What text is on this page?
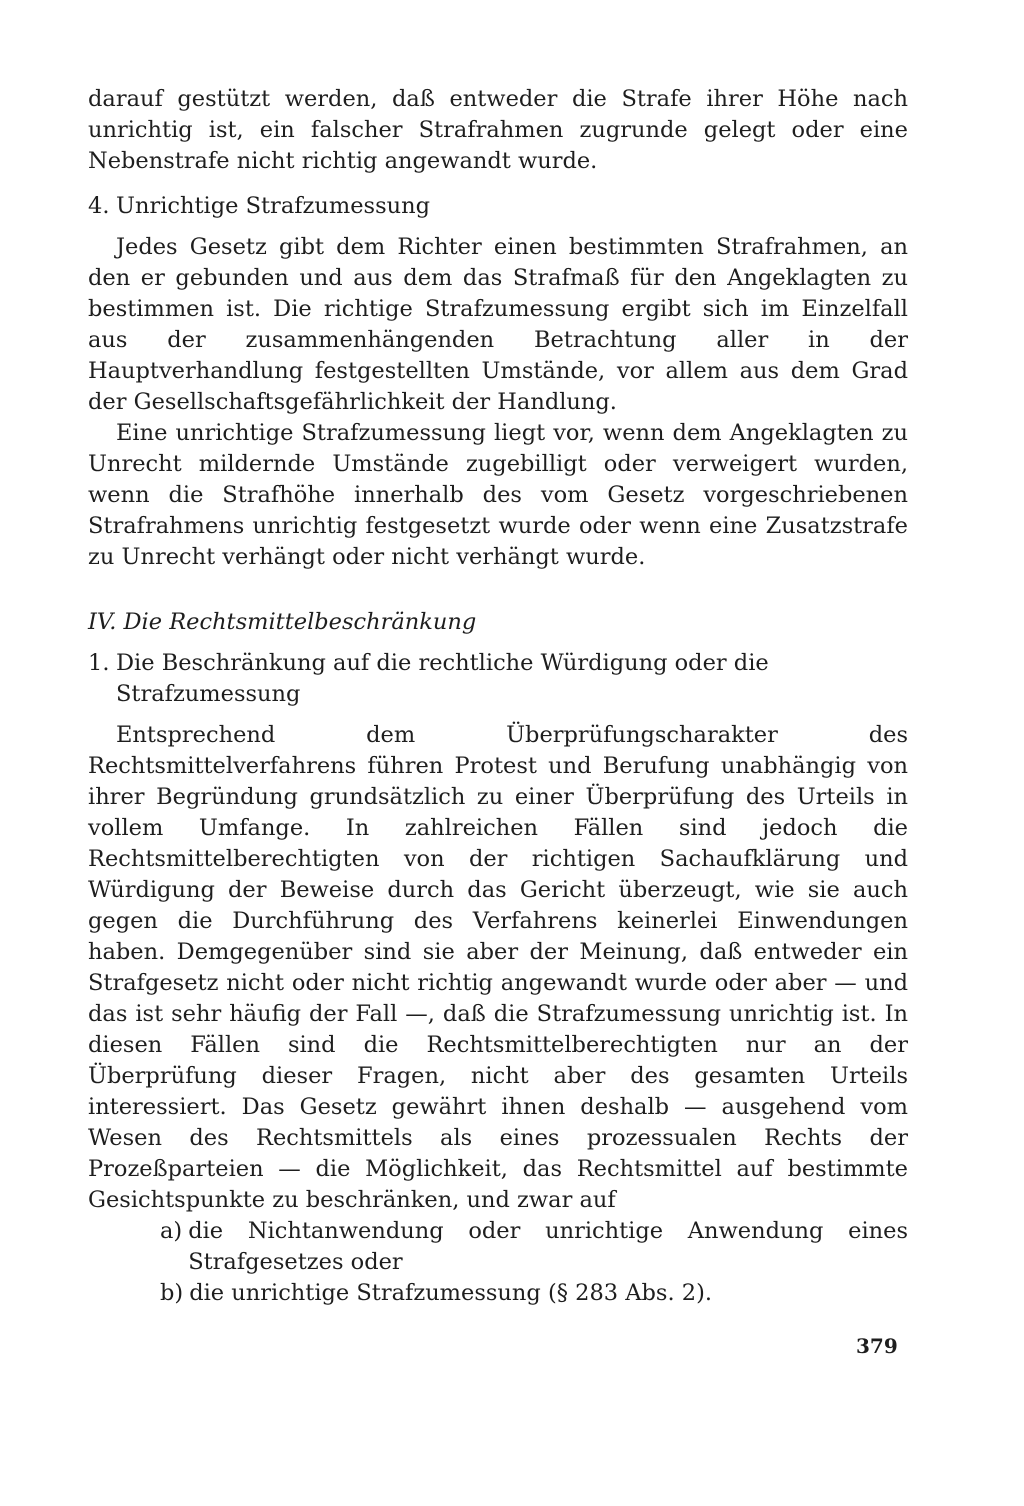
darauf gestützt werden, daß entweder die Strafe ihrer Höhe nach unrichtig ist, ein falscher Strafrahmen zugrunde gelegt oder eine Nebenstrafe nicht richtig angewandt wurde.

4. Unrichtige Strafzumessung

Jedes Gesetz gibt dem Richter einen bestimmten Strafrahmen, an den er gebunden und aus dem das Strafmaß für den Angeklagten zu bestimmen ist. Die richtige Strafzumessung ergibt sich im Einzelfall aus der zusammenhängenden Betrachtung aller in der Hauptverhandlung festgestellten Umstände, vor allem aus dem Grad der Gesellschaftsgefährlichkeit der Handlung.

Eine unrichtige Strafzumessung liegt vor, wenn dem Angeklagten zu Unrecht mildernde Umstände zugebilligt oder verweigert wurden, wenn die Strafhöhe innerhalb des vom Gesetz vorgeschriebenen Strafrahmens unrichtig festgesetzt wurde oder wenn eine Zusatzstrafe zu Unrecht verhängt oder nicht verhängt wurde.

IV. Die Rechtsmittelbeschränkung
1. Die Beschränkung auf die rechtliche Würdigung oder die Strafzumessung

Entsprechend dem Überprüfungscharakter des Rechtsmittelverfahrens führen Protest und Berufung unabhängig von ihrer Begründung grundsätzlich zu einer Überprüfung des Urteils in vollem Umfange. In zahlreichen Fällen sind jedoch die Rechtsmittelberechtigten von der richtigen Sachaufklärung und Würdigung der Beweise durch das Gericht überzeugt, wie sie auch gegen die Durchführung des Verfahrens keinerlei Einwendungen haben. Demgegenüber sind sie aber der Meinung, daß entweder ein Strafgesetz nicht oder nicht richtig angewandt wurde oder aber — und das ist sehr häufig der Fall —, daß die Strafzumessung unrichtig ist. In diesen Fällen sind die Rechtsmittelberechtigten nur an der Überprüfung dieser Fragen, nicht aber des gesamten Urteils interessiert. Das Gesetz gewährt ihnen deshalb — ausgehend vom Wesen des Rechtsmittels als eines prozessualen Rechts der Prozeßparteien — die Möglichkeit, das Rechtsmittel auf bestimmte Gesichtspunkte zu beschränken, und zwar auf

a) die Nichtanwendung oder unrichtige Anwendung eines Strafgesetzes oder
b) die unrichtige Strafzumessung (§ 283 Abs. 2).
379
